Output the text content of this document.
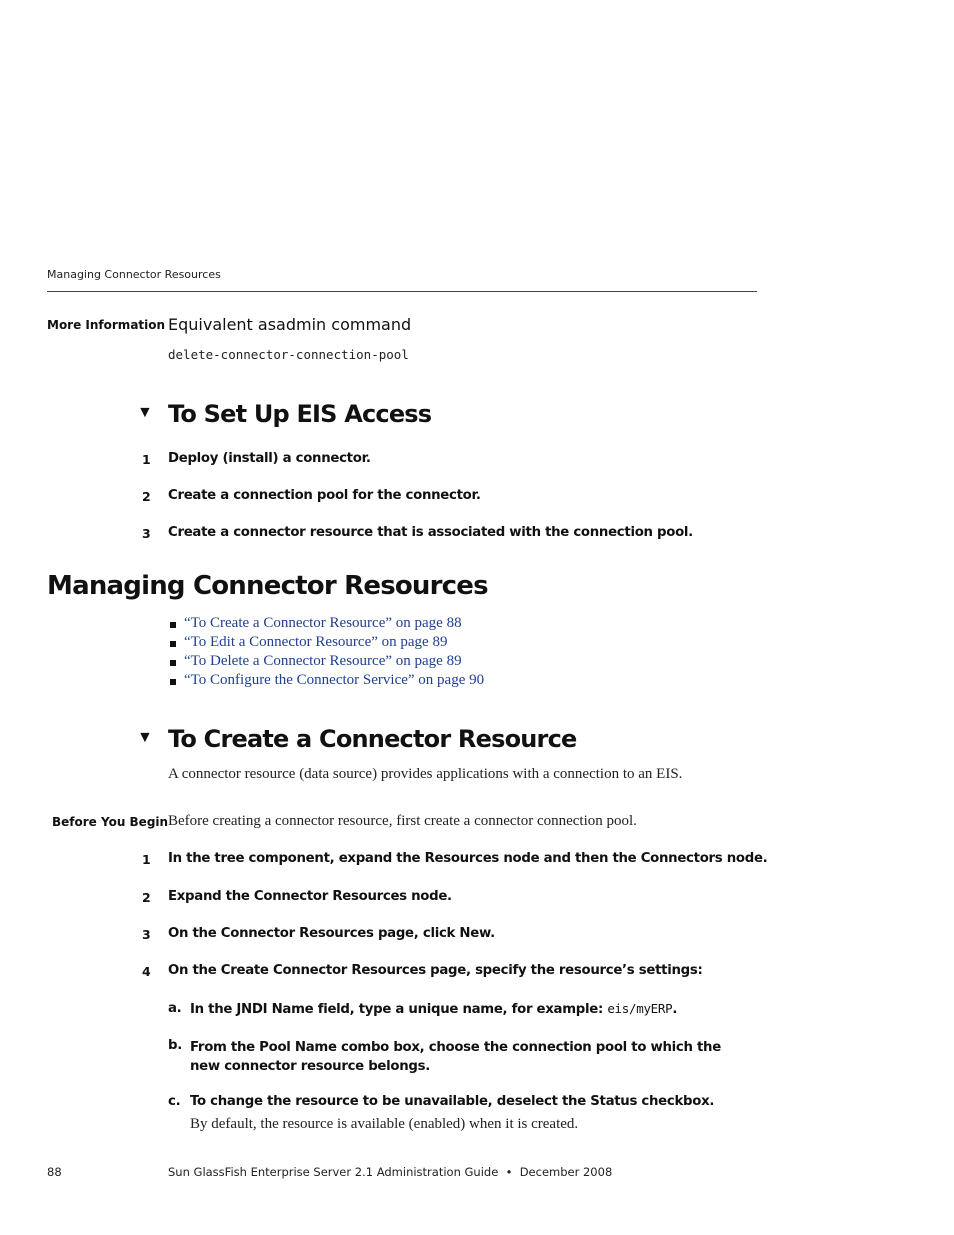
Managing Connector Resources
More Information Equivalent asadmin command
delete-connector-connection-pool
▼ To Set Up EIS Access
1 Deploy (install) a connector.
2 Create a connection pool for the connector.
3 Create a connector resource that is associated with the connection pool.
Managing Connector Resources
“To Create a Connector Resource” on page 88
“To Edit a Connector Resource” on page 89
“To Delete a Connector Resource” on page 89
“To Configure the Connector Service” on page 90
▼ To Create a Connector Resource
A connector resource (data source) provides applications with a connection to an EIS.
Before You Begin Before creating a connector resource, first create a connector connection pool.
1 In the tree component, expand the Resources node and then the Connectors node.
2 Expand the Connector Resources node.
3 On the Connector Resources page, click New.
4 On the Create Connector Resources page, specify the resource’s settings:
a. In the JNDI Name field, type a unique name, for example: eis/myERP.
b. From the Pool Name combo box, choose the connection pool to which the new connector resource belongs.
c. To change the resource to be unavailable, deselect the Status checkbox.
By default, the resource is available (enabled) when it is created.
88	Sun GlassFish Enterprise Server 2.1 Administration Guide • December 2008
